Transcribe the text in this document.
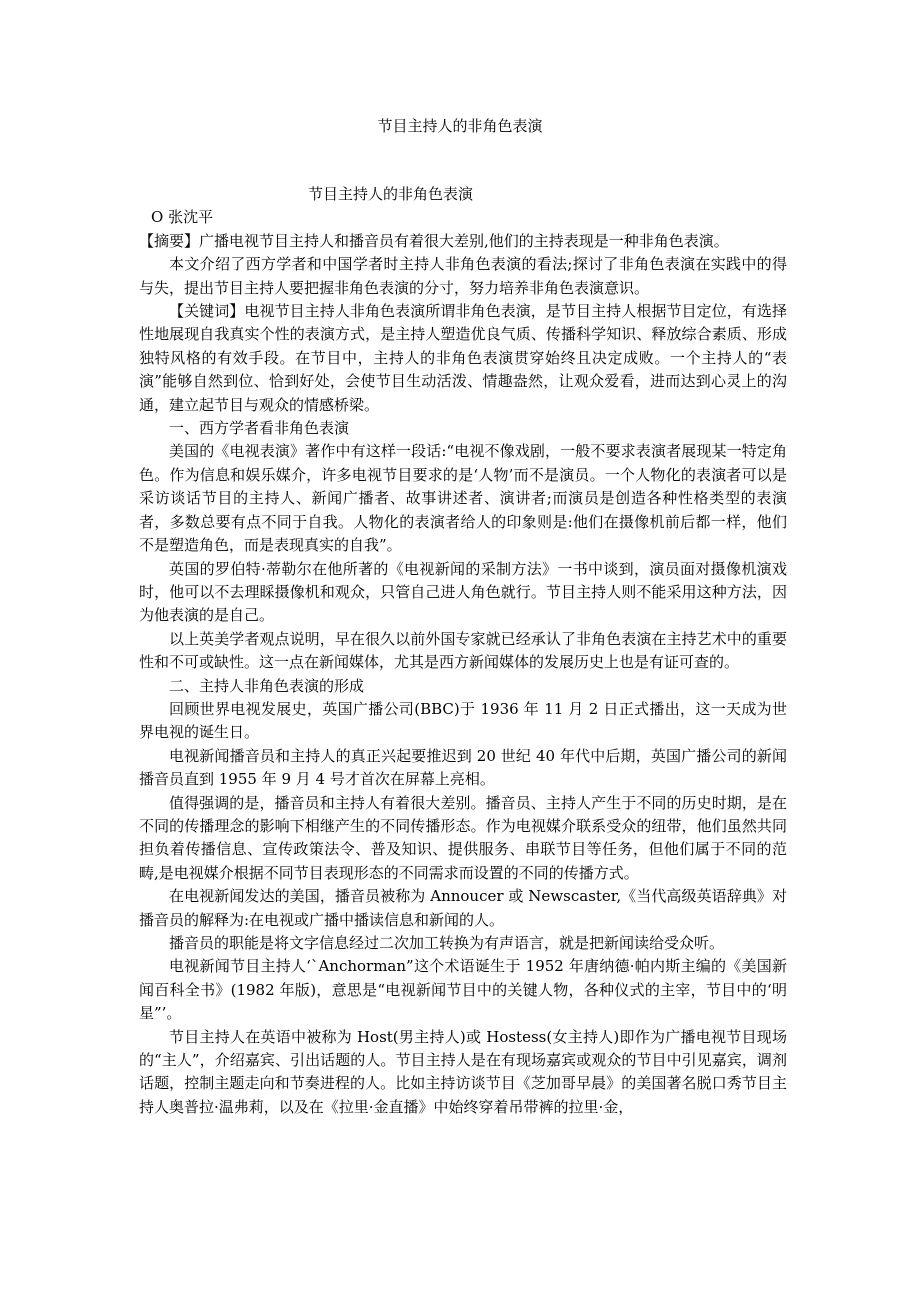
节目主持人的非角色表演

节目主持人的非角色表演

O 张沈平

【摘要】广播电视节目主持人和播音员有着很大差别,他们的主持表现是一种非角色表演。

本文介绍了西方学者和中国学者时主持人非角色表演的看法;探讨了非角色表演在实践中的得与失，提出节目主持人要把握非角色表演的分寸，努力培养非角色表演意识。

【关键词】电视节目主持人非角色表演所谓非角色表演，是节目主持人根据节目定位，有选择性地展现自我真实个性的表演方式，是主持人塑造优良气质、传播科学知识、释放综合素质、形成独特风格的有效手段。在节目中，主持人的非角色表演贯穿始终且决定成败。一个主持人的“表演”能够自然到位、恰到好处，会使节目生动活泼、情趣盎然，让观众爱看，进而达到心灵上的沟通，建立起节目与观众的情感桥梁。

一、西方学者看非角色表演

美国的《电视表演》著作中有这样一段话:“电视不像戏剧，一般不要求表演者展现某一特定角色。作为信息和娱乐媒介，许多电视节目要求的是‘人物’而不是演员。一个人物化的表演者可以是采访谈话节目的主持人、新闻广播者、故事讲述者、演讲者;而演员是创造各种性格类型的表演者，多数总要有点不同于自我。人物化的表演者给人的印象则是:他们在摄像机前后都一样，他们不是塑造角色，而是表现真实的自我”。

英国的罗伯特·蒂勒尔在他所著的《电视新闻的采制方法》一书中谈到，演员面对摄像机演戏时，他可以不去理睬摄像机和观众，只管自己进人角色就行。节目主持人则不能采用这种方法，因为他表演的是自己。

以上英美学者观点说明，早在很久以前外国专家就已经承认了非角色表演在主持艺术中的重要性和不可或缺性。这一点在新闻媒体，尤其是西方新闻媒体的发展历史上也是有证可查的。

二、主持人非角色表演的形成

回顾世界电视发展史，英国广播公司(BBC)于 1936 年 11 月 2 日正式播出，这一天成为世界电视的诞生日。

电视新闻播音员和主持人的真正兴起要推迟到 20 世纪 40 年代中后期，英国广播公司的新闻播音员直到 1955 年 9 月 4 号才首次在屏幕上亮相。

值得强调的是，播音员和主持人有着很大差别。播音员、主持人产生于不同的历史时期，是在不同的传播理念的影响下相继产生的不同传播形态。作为电视媒介联系受众的纽带，他们虽然共同担负着传播信息、宣传政策法令、普及知识、提供服务、串联节目等任务，但他们属于不同的范畴,是电视媒介根据不同节目表现形态的不同需求而设置的不同的传播方式。

在电视新闻发达的美国，播音员被称为 Annoucer 或 Newscaster,《当代高级英语辞典》对播音员的解释为:在电视或广播中播读信息和新闻的人。

播音员的职能是将文字信息经过二次加工转换为有声语言，就是把新闻读给受众听。

电视新闻节目主持人‘`Anchorman”这个术语诞生于 1952 年唐纳德·帕内斯主编的《美国新闻百科全书》(1982 年版)，意思是“电视新闻节目中的关键人物，各种仪式的主宰，节目中的‘明星”’。

节目主持人在英语中被称为 Host(男主持人)或 Hostess(女主持人)即作为广播电视节目现场的“主人”，介绍嘉宾、引出话题的人。节目主持人是在有现场嘉宾或观众的节目中引见嘉宾，调剂话题，控制主题走向和节奏进程的人。比如主持访谈节目《芝加哥早晨》的美国著名脱口秀节目主持人奥普拉·温弗莉，以及在《拉里·金直播》中始终穿着吊带裤的拉里·金，
